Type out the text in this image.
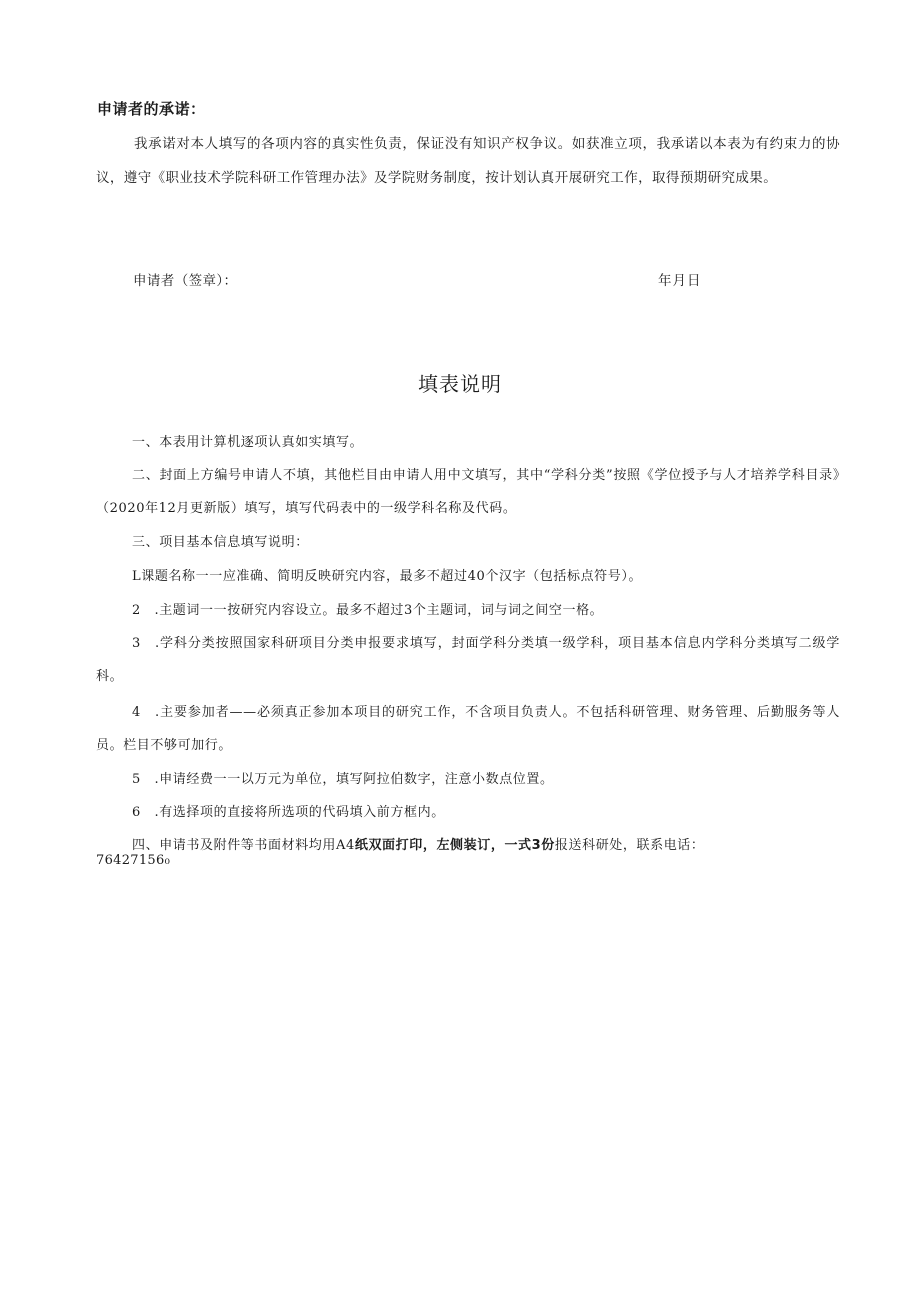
申请者的承诺：
我承诺对本人填写的各项内容的真实性负责，保证没有知识产权争议。如获准立项，我承诺以本表为有约束力的协议，遵守《职业技术学院科研工作管理办法》及学院财务制度，按计划认真开展研究工作，取得预期研究成果。
申请者（签章）：	年月日
填表说明
一、本表用计算机逐项认真如实填写。
二、封面上方编号申请人不填，其他栏目由申请人用中文填写，其中“学科分类”按照《学位授予与人才培养学科目录》（2020年12月更新版）填写，填写代码表中的一级学科名称及代码。
三、项目基本信息填写说明：
L课题名称一一应准确、简明反映研究内容，最多不超过40个汉字（包括标点符号）。
2　.主题词一一按研究内容设立。最多不超过3个主题词，词与词之间空一格。
3　.学科分类按照国家科研项目分类申报要求填写，封面学科分类填一级学科，项目基本信息内学科分类填写二级学科。
4　.主要参加者——必须真正参加本项目的研究工作，不含项目负责人。不包括科研管理、财务管理、后勤服务等人员。栏目不够可加行。
5　.申请经费一一以万元为单位，填写阿拉伯数字，注意小数点位置。
6　.有选择项的直接将所选项的代码填入前方框内。
四、申请书及附件等书面材料均用A4纸双面打印，左侧装订，一式3份报送科研处，联系电话：
76427156₀
